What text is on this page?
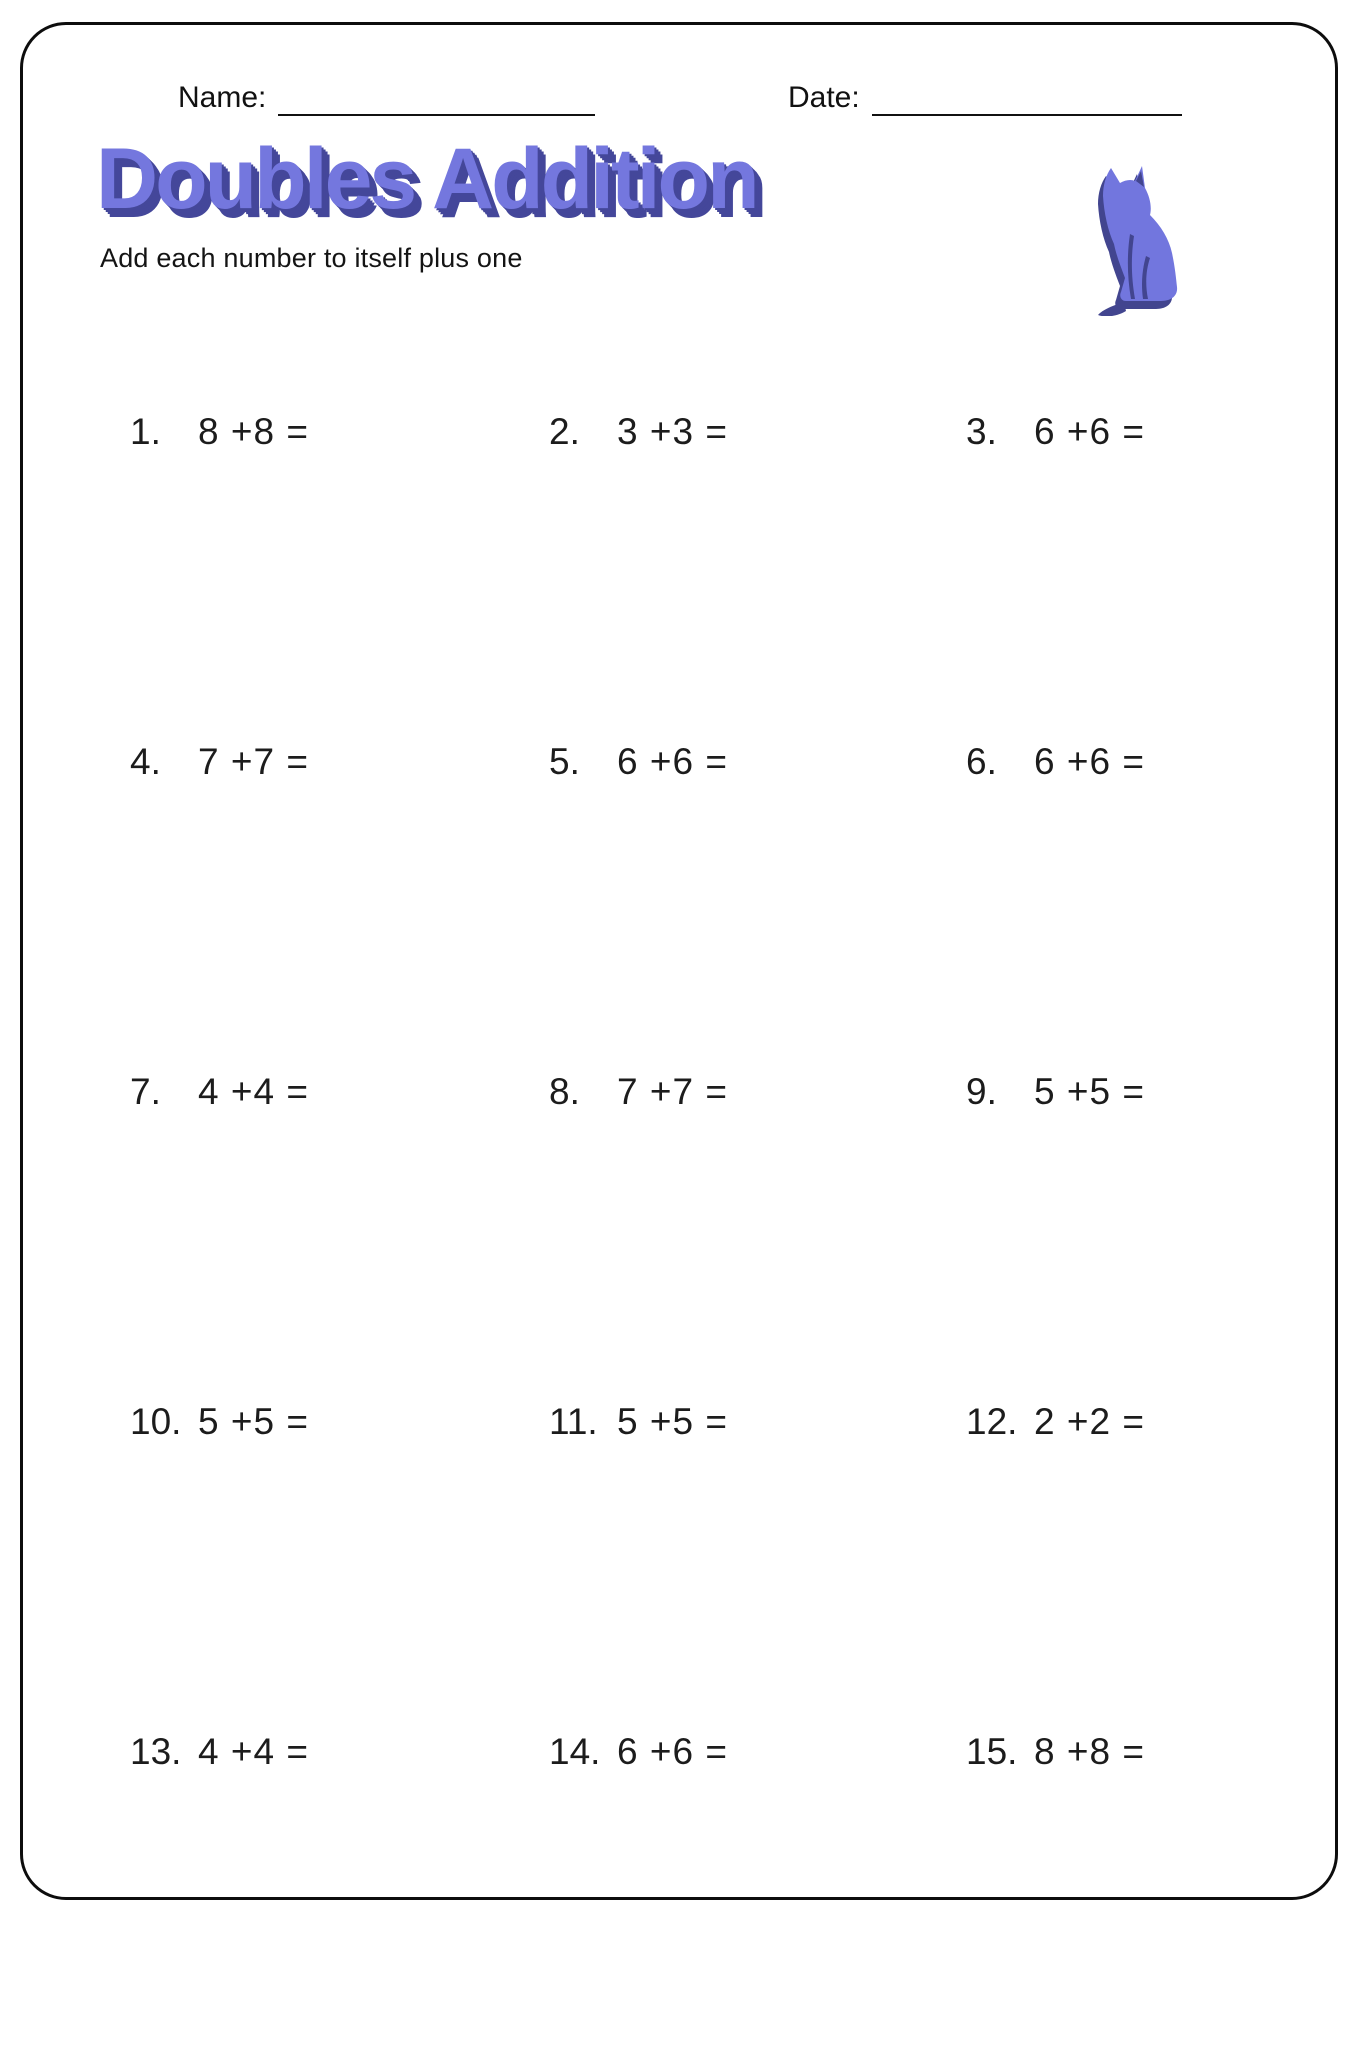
Name:	Date:
Doubles Addition

Add each number to itself plus one

1.	8 +8 =	2.	3 +3 =	3.	6 +6 =
4.	7 +7 =	5.	6 +6 =	6.	6 +6 =
7.	4 +4 =	8.	7 +7 =	9.	5 +5 =
10. 5 +5 =	11. 5 +5 =	12. 2 +2 =
13. 4 +4 =	14. 6 +6 =	15. 8 +8 =
